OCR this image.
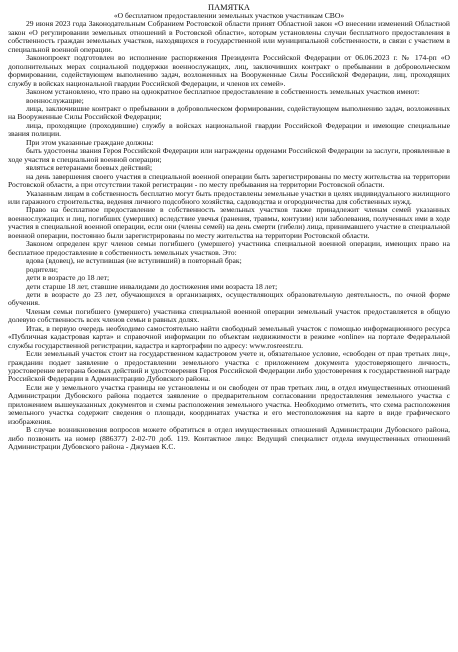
ПАМЯТКА
«О бесплатном предоставлении земельных участков участникам СВО»

29 июня 2023 года Законодательным Собранием Ростовской области принят Областной закон «О внесении изменений Областной закон «О регулировании земельных отношений в Ростовской области», которым установлены случаи бесплатного предоставления в собственность граждан земельных участков, находящихся в государственной или муниципальной собственности, в связи с участием в специальной военной операции.

Законопроект подготовлен во исполнение распоряжения Президента Российской Федерации от 06.06.2023 г. № 174-рп «О дополнительных мерах социальной поддержки военнослужащих, лиц, заключивших контракт о пребывании в добровольческом формировании, содействующем выполнению задач, возложенных на Вооруженные Силы Российской Федерации, лиц, проходящих службу в войсках национальной гвардии Российской Федерации, и членов их семей».

Законом установлено, что право на однократное бесплатное предоставление в собственность земельных участков имеют:

военнослужащие;

лица, заключившие контракт о пребывании в добровольческом формировании, содействующем выполнению задач, возложенных на Вооруженные Силы Российской Федерации;

лица, проходящие (проходившие) службу в войсках национальной гвардии Российской Федерации и имеющие специальные звания полиции.

При этом указанные граждане должны:

быть удостоены звания Героя Российской Федерации или награждены орденами Российской Федерации за заслуги, проявленные в ходе участия в специальной военной операции;

являться ветеранами боевых действий;

на день завершения своего участия в специальной военной операции быть зарегистрированы по месту жительства на территории Ростовской области, а при отсутствии такой регистрации - по месту пребывания на территории Ростовской области.

Указанным лицам в собственность бесплатно могут быть предоставлены земельные участки в целях индивидуального жилищного или гаражного строительства, ведения личного подсобного хозяйства, садоводства и огородничества для собственных нужд.

Право на бесплатное предоставление в собственность земельных участков также принадлежит членам семей указанных военнослужащих и лиц, погибших (умерших) вследствие увечья (ранения, травмы, контузии) или заболевания, полученных ими в ходе участия в специальной военной операции, если они (члены семей) на день смерти (гибели) лица, принимавшего участие в специальной военной операции, постоянно были зарегистрированы по месту жительства на территории Ростовской области.

Законом определен круг членов семьи погибшего (умершего) участника специальной военной операции, имеющих право на бесплатное предоставление в собственность земельных участков. Это:

вдова (вдовец), не вступившая (не вступивший) в повторный брак;

родители;

дети в возрасте до 18 лет;

дети старше 18 лет, ставшие инвалидами до достижения ими возраста 18 лет;

дети в возрасте до 23 лет, обучающихся в организациях, осуществляющих образовательную деятельность, по очной форме обучения.

Членам семьи погибшего (умершего) участника специальной военной операции земельный участок предоставляется в общую долевую собственность всех членов семьи в равных долях.

Итак, в первую очередь необходимо самостоятельно найти свободный земельный участок с помощью информационного ресурса «Публичная кадастровая карта» и справочной информации по объектам недвижимости в режиме «online» на портале Федеральной службы государственной регистрации, кадастра и картографии по адресу: www.rosreestr.ru.

Если земельный участок стоит на государственном кадастровом учете и, обязательное условие, «свободен от прав третьих лиц», гражданин подает заявление о предоставлении земельного участка с приложением документа удостоверяющего личность, удостоверение ветерана боевых действий и удостоверения Героя Российской Федерации либо удостоверения к государственной награде Российской Федерации в Администрацию Дубовского района.

Если же у земельного участка границы не установлены и он свободен от прав третьих лиц, в отдел имущественных отношений Администрации Дубовского района подается заявление о предварительном согласовании предоставления земельного участка с приложением вышеуказанных документов и схемы расположения земельного участка. Необходимо отметить, что схема расположения земельного участка содержит сведения о площади, координатах участка и его местоположения на карте в виде графического изображения.

В случае возникновения вопросов можете обратиться в отдел имущественных отношений Администрации Дубовского района, либо позвонить на номер (886377) 2-02-70 доб. 119. Контактное лицо: Ведущий специалист отдела имущественных отношений Администрации Дубовского района - Джумаев К.С.
